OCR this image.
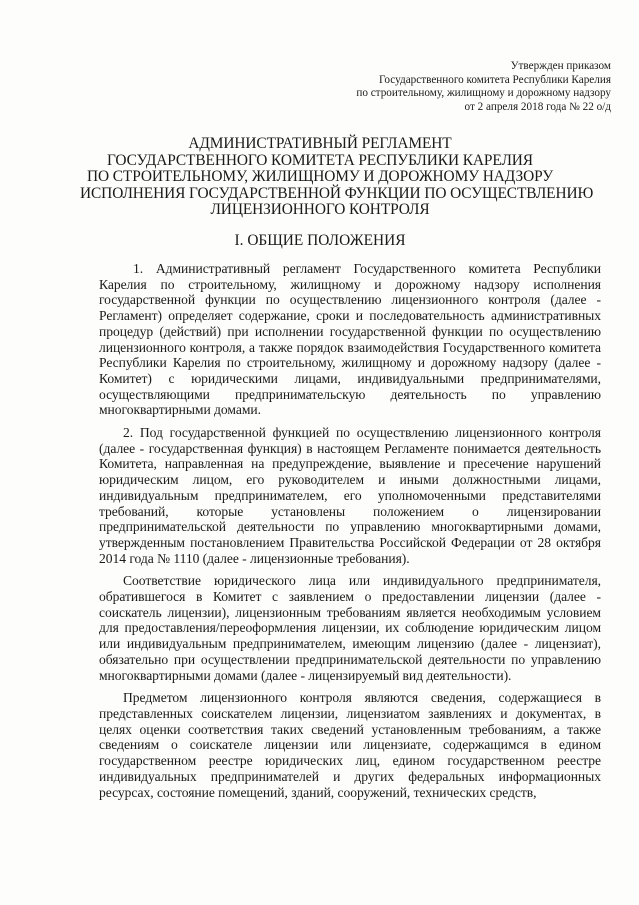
Утвержден приказом
Государственного комитета Республики Карелия
по строительному, жилищному и дорожному надзору
от 2 апреля 2018 года № 22 о/д
АДМИНИСТРАТИВНЫЙ РЕГЛАМЕНТ
ГОСУДАРСТВЕННОГО КОМИТЕТА РЕСПУБЛИКИ КАРЕЛИЯ
ПО СТРОИТЕЛЬНОМУ, ЖИЛИЩНОМУ И ДОРОЖНОМУ НАДЗОРУ
ИСПОЛНЕНИЯ ГОСУДАРСТВЕННОЙ ФУНКЦИИ ПО ОСУЩЕСТВЛЕНИЮ
ЛИЦЕНЗИОННОГО КОНТРОЛЯ
I. ОБЩИЕ ПОЛОЖЕНИЯ

1. Административный регламент Государственного комитета Республики Карелия по строительному, жилищному и дорожному надзору исполнения государственной функции по осуществлению лицензионного контроля (далее - Регламент) определяет содержание, сроки и последовательность административных процедур (действий) при исполнении государственной функции по осуществлению лицензионного контроля, а также порядок взаимодействия Государственного комитета Республики Карелия по строительному, жилищному и дорожному надзору (далее - Комитет) с юридическими лицами, индивидуальными предпринимателями, осуществляющими предпринимательскую деятельность по управлению многоквартирными домами.

2. Под государственной функцией по осуществлению лицензионного контроля (далее - государственная функция) в настоящем Регламенте понимается деятельность Комитета, направленная на предупреждение, выявление и пресечение нарушений юридическим лицом, его руководителем и иными должностными лицами, индивидуальным предпринимателем, его уполномоченными представителями требований, которые установлены положением о лицензировании предпринимательской деятельности по управлению многоквартирными домами, утвержденным постановлением Правительства Российской Федерации от 28 октября 2014 года № 1110 (далее - лицензионные требования).

Соответствие юридического лица или индивидуального предпринимателя, обратившегося в Комитет с заявлением о предоставлении лицензии (далее - соискатель лицензии), лицензионным требованиям является необходимым условием для предоставления/переоформления лицензии, их соблюдение юридическим лицом или индивидуальным предпринимателем, имеющим лицензию (далее - лицензиат), обязательно при осуществлении предпринимательской деятельности по управлению многоквартирными домами (далее - лицензируемый вид деятельности).

Предметом лицензионного контроля являются сведения, содержащиеся в представленных соискателем лицензии, лицензиатом заявлениях и документах, в целях оценки соответствия таких сведений установленным требованиям, а также сведениям о соискателе лицензии или лицензиате, содержащимся в едином государственном реестре юридических лиц, едином государственном реестре индивидуальных предпринимателей и других федеральных информационных ресурсах, состояние помещений, зданий, сооружений, технических средств,
